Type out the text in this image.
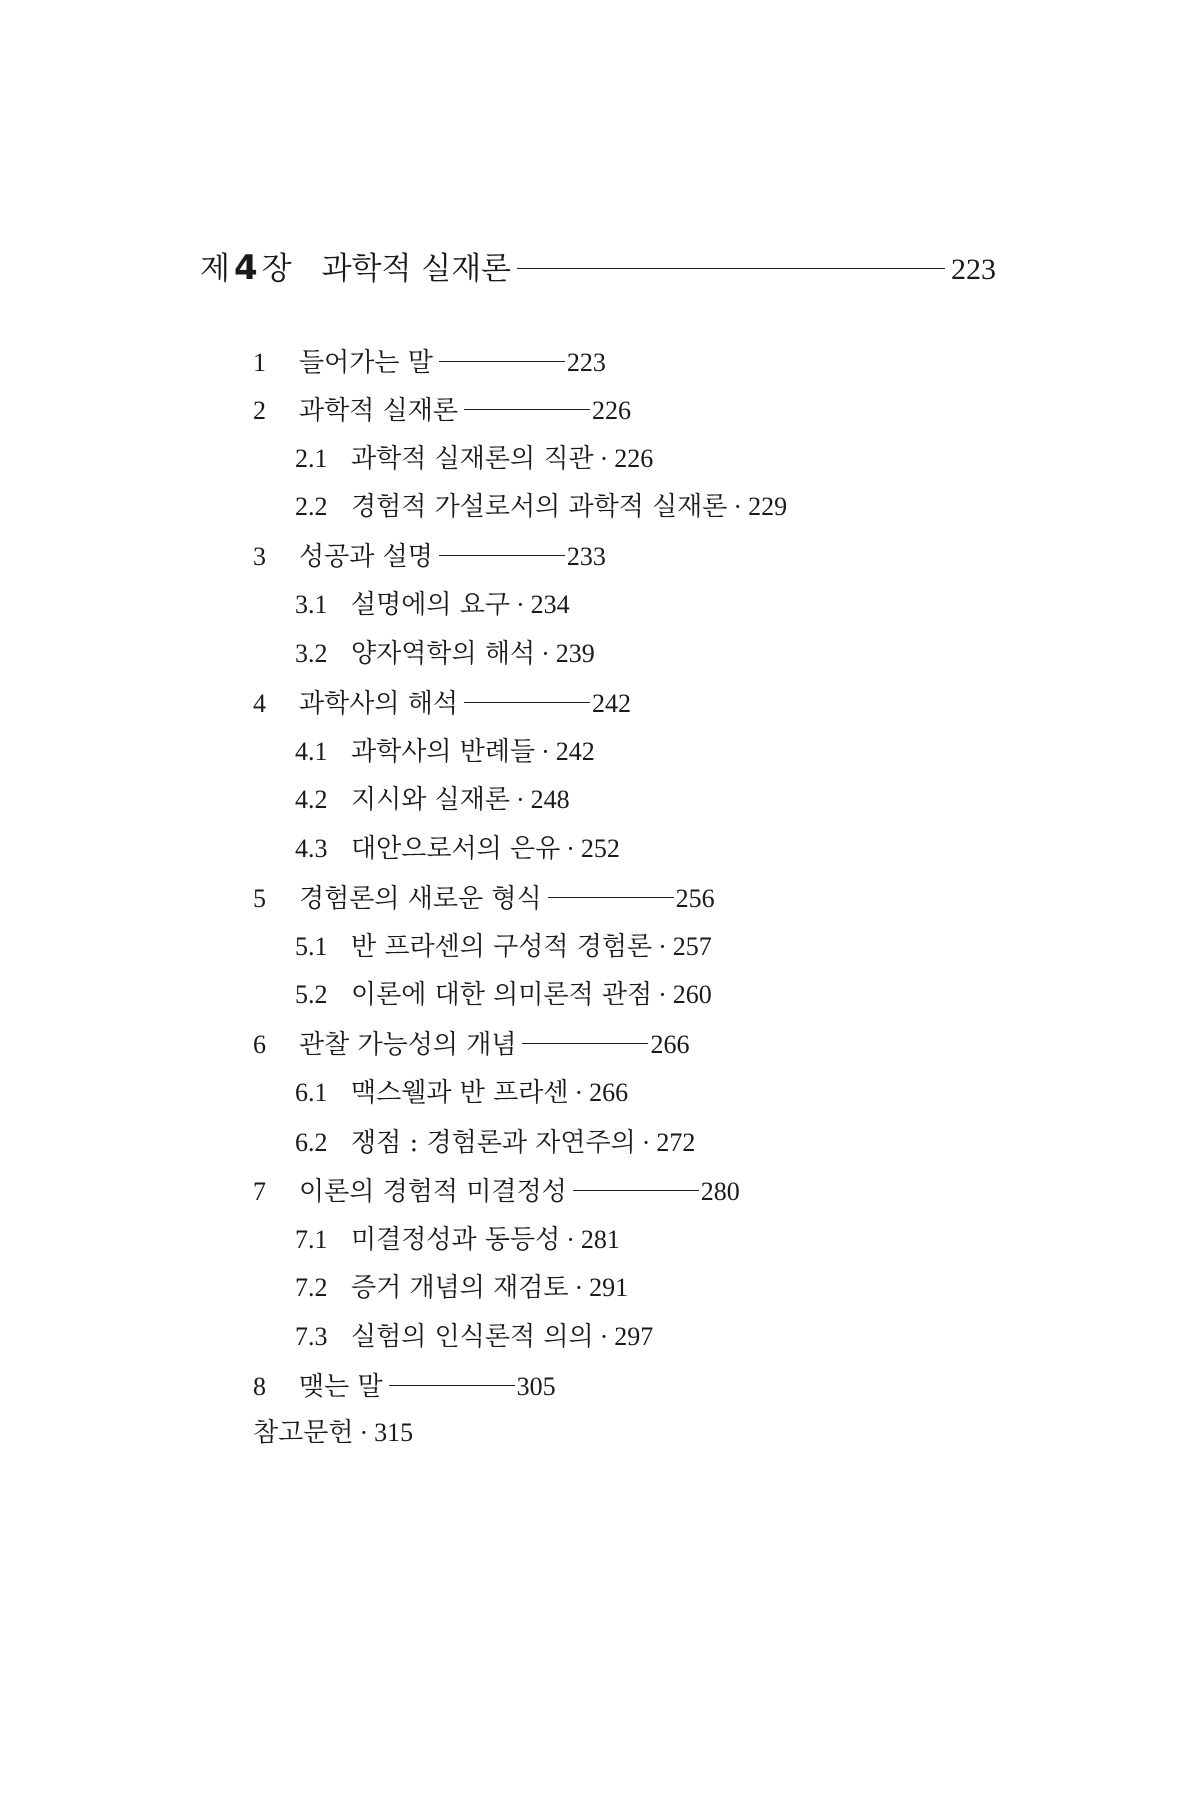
제 4 장 과학적 실재론	223
1	들어가는 말	223
2	과학적 실재론	226
2.1 과학적 실재론의 직관 · 226
2.2 경험적 가설로서의 과학적 실재론 · 229
3	성공과 설명	233
3.1 설명에의 요구 · 234
3.2 양자역학의 해석 · 239
4	과학사의 해석	242
4.1 과학사의 반례들 · 242
4.2 지시와 실재론 · 248
4.3 대안으로서의 은유 · 252
5	경험론의 새로운 형식	256
5.1 반 프라센의 구성적 경험론 · 257
5.2 이론에 대한 의미론적 관점 · 260
6	관찰 가능성의 개념	266
6.1 맥스웰과 반 프라센 · 266
6.2 쟁점 : 경험론과 자연주의 · 272
7	이론의 경험적 미결정성	280
7.1 미결정성과 동등성 · 281
7.2 증거 개념의 재검토 · 291
7.3 실험의 인식론적 의의 · 297
8	맺는 말	305
참고문헌 · 315
